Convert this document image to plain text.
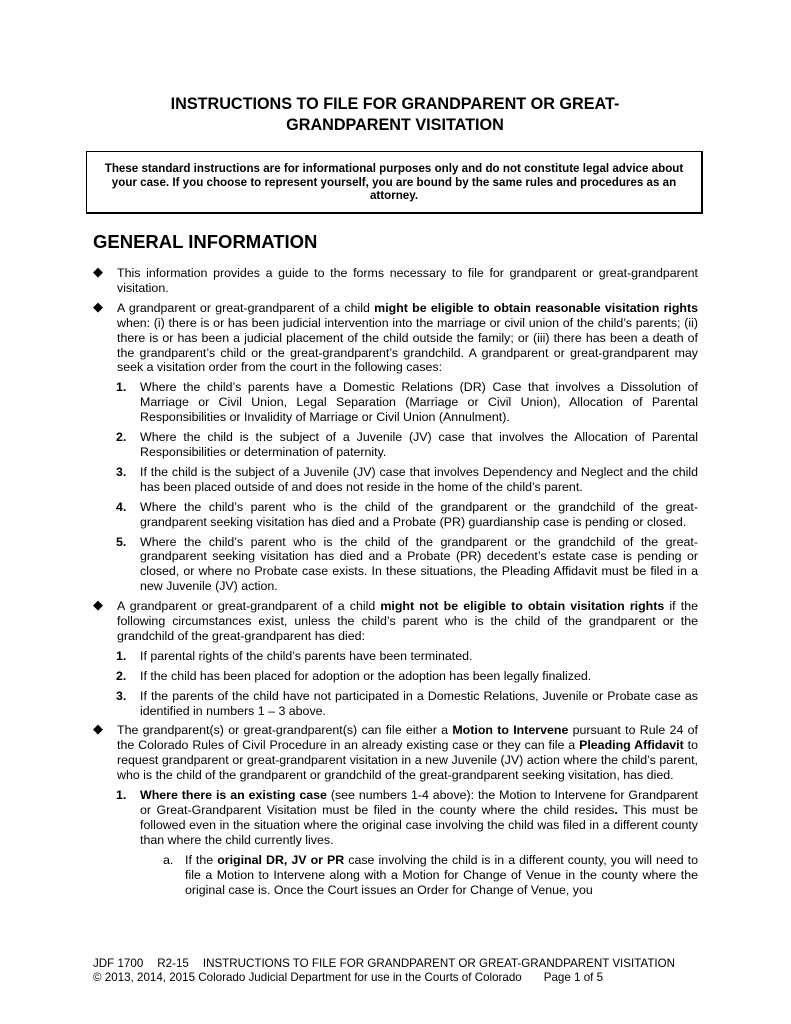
INSTRUCTIONS TO FILE FOR GRANDPARENT OR GREAT-
GRANDPARENT VISITATION
These standard instructions are for informational purposes only and do not constitute legal advice about your case. If you choose to represent yourself, you are bound by the same rules and procedures as an attorney.
GENERAL INFORMATION
◆ This information provides a guide to the forms necessary to file for grandparent or great-grandparent visitation.
◆ A grandparent or great-grandparent of a child might be eligible to obtain reasonable visitation rights when: (i) there is or has been judicial intervention into the marriage or civil union of the child’s parents; (ii) there is or has been a judicial placement of the child outside the family; or (iii) there has been a death of the grandparent’s child or the great-grandparent’s grandchild. A grandparent or great-grandparent may seek a visitation order from the court in the following cases:
1. Where the child’s parents have a Domestic Relations (DR) Case that involves a Dissolution of Marriage or Civil Union, Legal Separation (Marriage or Civil Union), Allocation of Parental Responsibilities or Invalidity of Marriage or Civil Union (Annulment).
2. Where the child is the subject of a Juvenile (JV) case that involves the Allocation of Parental Responsibilities or determination of paternity.
3. If the child is the subject of a Juvenile (JV) case that involves Dependency and Neglect and the child has been placed outside of and does not reside in the home of the child’s parent.
4. Where the child’s parent who is the child of the grandparent or the grandchild of the great-grandparent seeking visitation has died and a Probate (PR) guardianship case is pending or closed.
5. Where the child’s parent who is the child of the grandparent or the grandchild of the great-grandparent seeking visitation has died and a Probate (PR) decedent’s estate case is pending or closed, or where no Probate case exists. In these situations, the Pleading Affidavit must be filed in a new Juvenile (JV) action.
◆ A grandparent or great-grandparent of a child might not be eligible to obtain visitation rights if the following circumstances exist, unless the child’s parent who is the child of the grandparent or the grandchild of the great-grandparent has died:
1. If parental rights of the child’s parents have been terminated.
2. If the child has been placed for adoption or the adoption has been legally finalized.
3. If the parents of the child have not participated in a Domestic Relations, Juvenile or Probate case as identified in numbers 1 – 3 above.
◆ The grandparent(s) or great-grandparent(s) can file either a Motion to Intervene pursuant to Rule 24 of the Colorado Rules of Civil Procedure in an already existing case or they can file a Pleading Affidavit to request grandparent or great-grandparent visitation in a new Juvenile (JV) action where the child’s parent, who is the child of the grandparent or grandchild of the great-grandparent seeking visitation, has died.
1. Where there is an existing case (see numbers 1-4 above): the Motion to Intervene for Grandparent or Great-Grandparent Visitation must be filed in the county where the child resides. This must be followed even in the situation where the original case involving the child was filed in a different county than where the child currently lives.
a. If the original DR, JV or PR case involving the child is in a different county, you will need to file a Motion to Intervene along with a Motion for Change of Venue in the county where the original case is. Once the Court issues an Order for Change of Venue, you
JDF 1700 R2-15 INSTRUCTIONS TO FILE FOR GRANDPARENT OR GREAT-GRANDPARENT VISITATION
© 2013, 2014, 2015 Colorado Judicial Department for use in the Courts of Colorado Page 1 of 5
